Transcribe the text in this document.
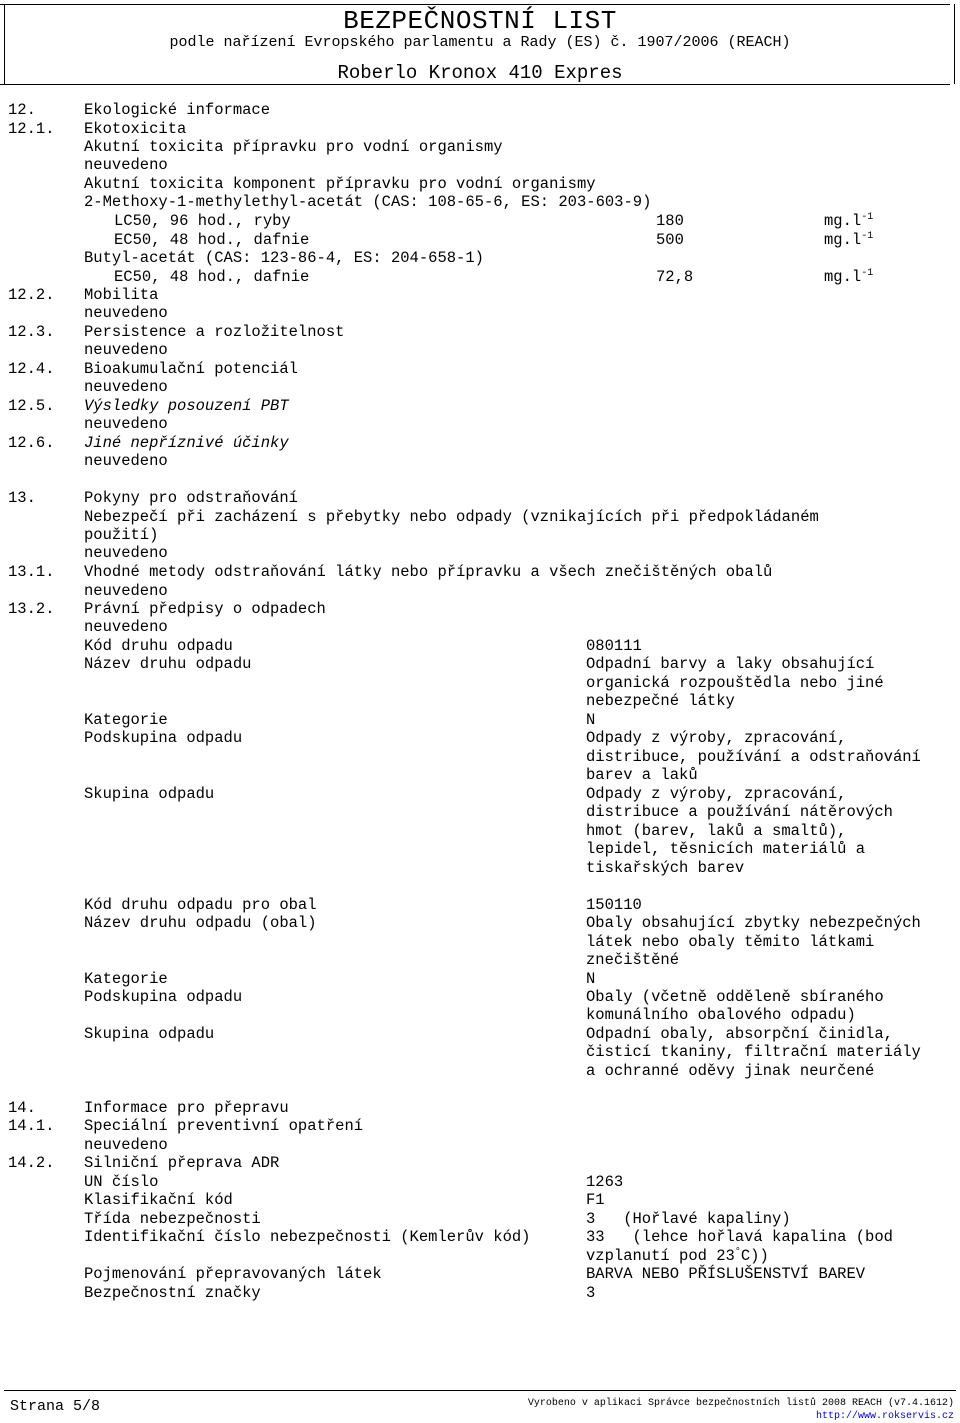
BEZPEČNOSTNÍ LIST
podle nařízení Evropského parlamentu a Rady (ES) č. 1907/2006 (REACH)
Roberlo Kronox 410 Expres
12.	Ekologické informace
12.1. Ekotoxicita
Akutní toxicita přípravku pro vodní organismy
neuvedeno
Akutní toxicita komponent přípravku pro vodní organismy
2-Methoxy-1-methylethyl-acetát (CAS: 108-65-6, ES: 203-603-9)
LC50, 96 hod., ryby	180	$mg.l^{-1}$
EC50, 48 hod., dafnie	500	$mg.l^{-1}$
Butyl-acetát (CAS: 123-86-4, ES: 204-658-1)
EC50, 48 hod., dafnie	72,8	$mg.l^{-1}$
12.2. Mobilita
neuvedeno
12.3. Persistence a rozložitelnost
neuvedeno
12.4. Bioakumulační potenciál
neuvedeno
12.5. Výsledky posouzení PBT
neuvedeno
12.6. Jiné nepříznivé účinky
neuvedeno
13.	Pokyny pro odstraňování
Nebezpečí při zacházení s přebytky nebo odpady (vznikajících při předpokládaném
použití)
neuvedeno
13.1. Vhodné metody odstraňování látky nebo přípravku a všech znečištěných obalů
neuvedeno
13.2. Právní předpisy o odpadech
neuvedeno
Kód druhu odpadu	080111
Název druhu odpadu	Odpadní barvy a laky obsahující
organická rozpouštědla nebo jiné
nebezpečné látky
Kategorie	N
Podskupina odpadu	Odpady z výroby, zpracování,
distribuce, používání a odstraňování
barev a laků
Skupina odpadu	Odpady z výroby, zpracování,
distribuce a používání nátěrových
hmot (barev, laků a smaltů),
lepidel, těsnicích materiálů a
tiskařských barev
Kód druhu odpadu pro obal	150110
Název druhu odpadu (obal)	Obaly obsahující zbytky nebezpečných
látek nebo obaly těmito látkami
znečištěné
Kategorie	N
Podskupina odpadu	Obaly (včetně odděleně sbíraného
komunálního obalového odpadu)
Skupina odpadu	Odpadní obaly, absorpční činidla,
čisticí tkaniny, filtrační materiály
a ochranné oděvy jinak neurčené
14.	Informace pro přepravu
14.1. Speciální preventivní opatření
neuvedeno
14.2. Silniční přeprava ADR
UN číslo	1263
Klasifikační kód	F1
Třída nebezpečnosti	3   (Hořlavé kapaliny)
Identifikační číslo nebezpečnosti (Kemlerův kód)	33   (lehce hořlavá kapalina (bod
vzplanutí pod 23°C))
Pojmenování přepravovaných látek	BARVA NEBO PŘÍSLUŠENSTVÍ BAREV
Bezpečnostní značky	3
Strana 5/8	Vyrobeno v aplikaci Správce bezpečnostních listů 2008 REACH (v7.4.1612)
http://www.rokservis.cz
